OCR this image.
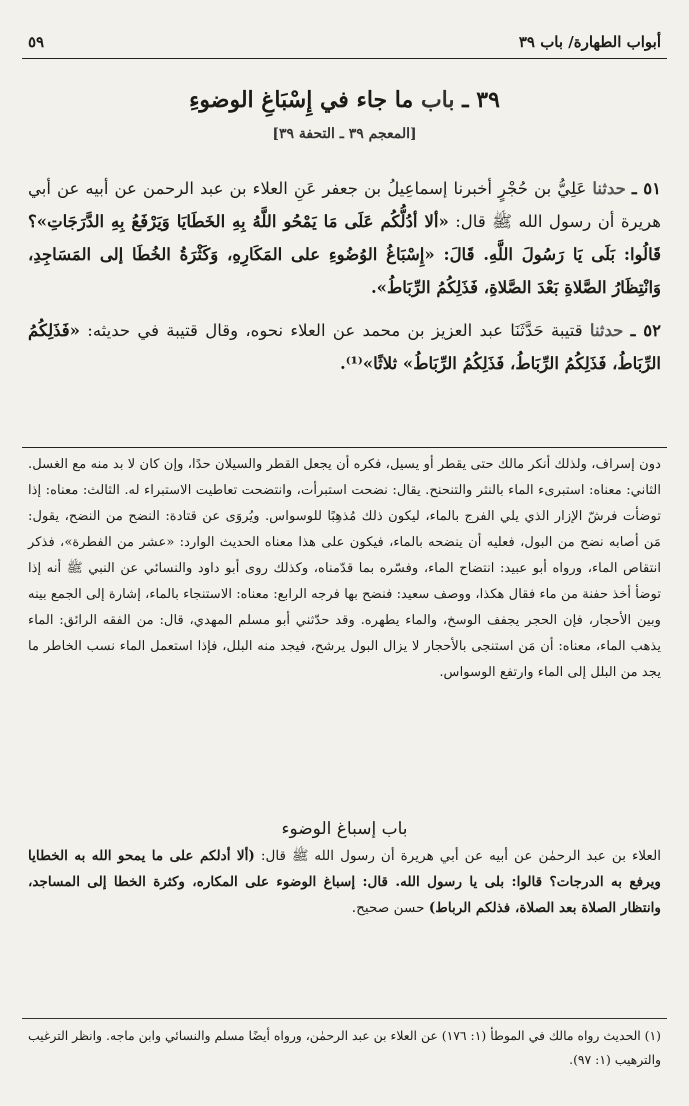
أبواب الطهارة/ باب ٣٩
٥٩
٣٩ ـ باب ما جاء في إِسْبَاغِ الوضوءِ
[المعجم ٣٩ ـ التحفة ٣٩]

٥١ ـ حدثنا عَلِيُّ بن حُجْرٍ أخبرنا إسماعِيلُ بن جعفر عَنِ العلاء بن عبد الرحمن عن أبيه عن أبي هريرة أن رسول الله ﷺ قال: «ألا أدُلُّكُم عَلَى مَا يَمْحُو اللَّهُ بِهِ الخَطَايَا وَيَرْفَعُ بِهِ الدَّرَجَاتِ»؟ قَالُوا: بَلَى يَا رَسُولَ اللَّهِ. قَالَ: «إِسْبَاغُ الوُضُوءِ على المَكَارِهِ، وَكَثْرَةُ الخُطَا إلى المَسَاجِدِ، وَانْتِظَارُ الصَّلاةِ بَعْدَ الصَّلاةِ، فَذَلِكُمُ الرِّبَاطُ».

٥٢ ـ حدثنا قتيبة حَدَّثَنَا عبد العزيز بن محمد عن العلاء نحوه، وقال قتيبة في حديثه: «فَذَلِكُمُ الرِّبَاطُ، فَذَلِكُمُ الرِّبَاطُ، فَذَلِكُمُ الرِّبَاطُ» ثلاثًا»⁽¹⁾.

دون إسراف، ولذلك أنكر مالك حتى يقطر أو يسيل، فكره أن يجعل القطر والسيلان حدًا، وإن كان لا بد منه مع الغسل. الثاني: معناه: استبرىء الماء بالنثر والتنحنح. يقال: نضحت استبرأت، وانتضحت تعاطيت الاستبراء له. الثالث: معناه: إذا توضأت فرشّ الإزار الذي يلي الفرج بالماء، ليكون ذلك مُذهِبًا للوسواس. ويُروَى عن قتادة: النضح من النضح، يقول: مَن أصابه نضح من البول، فعليه أن ينضحه بالماء، فيكون على هذا معناه الحديث الوارد: «عشر من الفطرة»، فذكر انتقاص الماء، ورواه أبو عبيد: انتضاح الماء، وفسّره بما قدّمناه، وكذلك روى أبو داود والنسائي عن النبي ﷺ أنه إذا توضأ أخذ حفنة من ماء فقال هكذا، ووصف سعيد: فنضح بها فرجه الرابع: معناه: الاستنجاء بالماء، إشارة إلى الجمع بينه وبين الأحجار، فإن الحجر يجفف الوسخ، والماء يطهره. وقد حدّثني أبو مسلم المهدي، قال: من الفقه الرائق: الماء يذهب الماء، معناه: أن مَن استنجى بالأحجار لا يزال البول يرشح، فيجد منه البلل، فإذا استعمل الماء نسب الخاطر ما يجد من البلل إلى الماء وارتفع الوسواس.

باب إسباغ الوضوء

العلاء بن عبد الرحمٰن عن أبيه عن أبي هريرة أن رسول الله ﷺ قال: (ألا أدلكم على ما يمحو الله به الخطايا ويرفع به الدرجات؟ قالوا: بلى يا رسول الله. قال: إسباغ الوضوء على المكاره، وكثرة الخطا إلى المساجد، وانتظار الصلاة بعد الصلاة، فذلكم الرباط) حسن صحيح.

(١) الحديث رواه مالك في الموطأ (١: ١٧٦) عن العلاء بن عبد الرحمٰن، ورواه أيضًا مسلم والنسائي وابن ماجه. وانظر الترغيب والترهيب (١: ٩٧).
